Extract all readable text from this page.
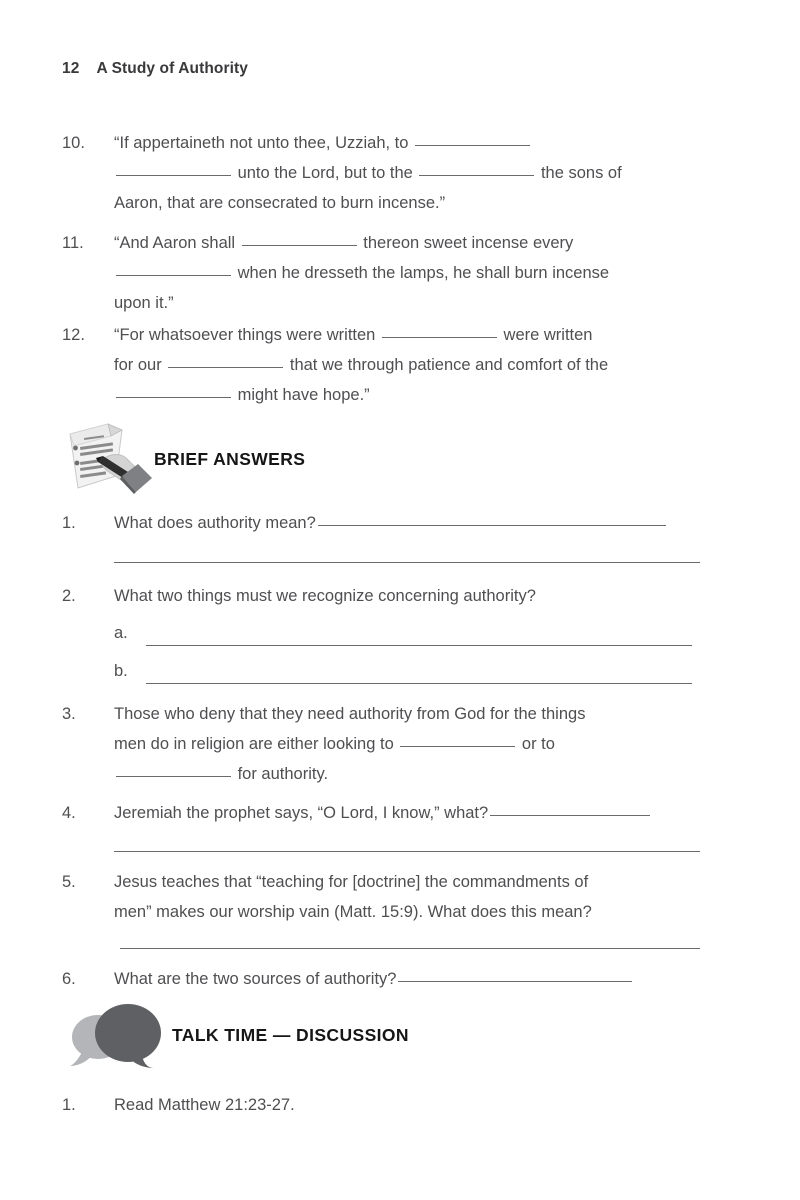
12 A Study of Authority
10.	“If appertaineth not unto thee, Uzziah, to

unto the Lord, but to the	the sons of

Aaron, that are consecrated to burn incense.”

11.	“And Aaron shall	thereon sweet incense every

when he dresseth the lamps, he shall burn incense

upon it.”

12.	“For whatsoever things were written	were written

for our	that we through patience and comfort of the

might have hope.”

BRIEF ANSWERS
1.	What does authority mean?

2.	What two things must we recognize concerning authority?

a.
b.
3.	Those who deny that they need authority from God for the things

men do in religion are either looking to	or to

for authority.

4.	Jeremiah the prophet says, “O Lord, I know,” what?

5.	Jesus teaches that “teaching for [doctrine] the commandments of

men” makes our worship vain (Matt. 15:9). What does this mean?

6.	What are the two sources of authority?

TALK TIME — DISCUSSION
1.	Read Matthew 21:23-27.
